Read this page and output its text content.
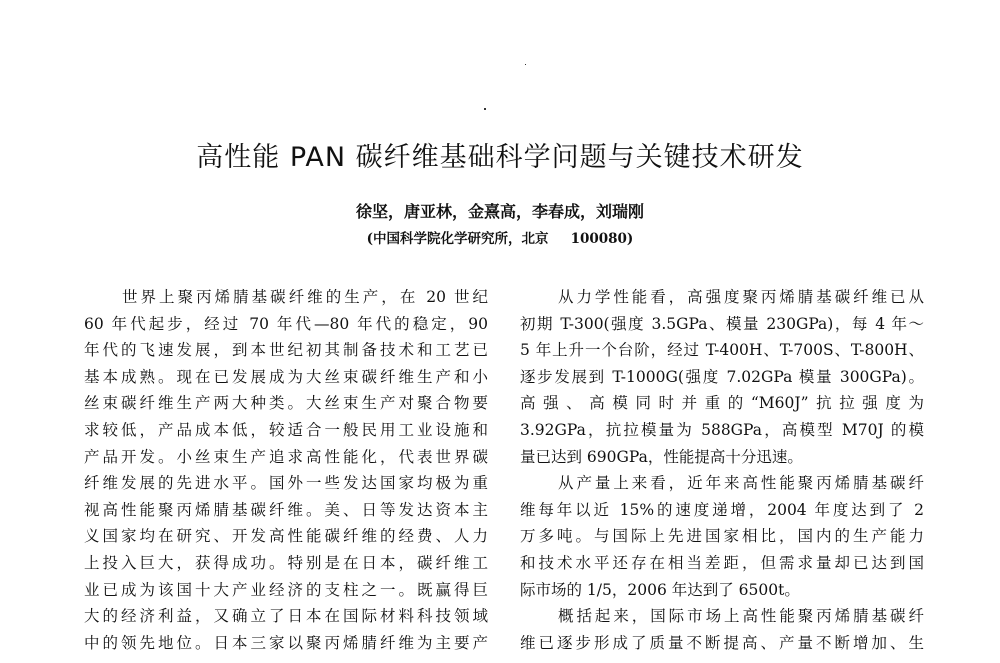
高性能 PAN 碳纤维基础科学问题与关键技术研发
徐坚，唐亚林，金熹高，李春成，刘瑞刚
(中国科学院化学研究所，北京 100080)
世界上聚丙烯腈基碳纤维的生产，在 20 世纪
60 年代起步，经过 70 年代—80 年代的稳定，90
年代的飞速发展，到本世纪初其制备技术和工艺已
基本成熟。现在已发展成为大丝束碳纤维生产和小
丝束碳纤维生产两大种类。大丝束生产对聚合物要
求较低，产品成本低，较适合一般民用工业设施和
产品开发。小丝束生产追求高性能化，代表世界碳
纤维发展的先进水平。国外一些发达国家均极为重
视高性能聚丙烯腈基碳纤维。美、日等发达资本主
义国家均在研究、开发高性能碳纤维的经费、人力
上投入巨大，获得成功。特别是在日本，碳纤维工
业已成为该国十大产业经济的支柱之一。既赢得巨
大的经济利益，又确立了日本在国际材料科技领域
中的领先地位。日本三家以聚丙烯腈纤维为主要产
从力学性能看，高强度聚丙烯腈基碳纤维已从
初期 T-300(强度 3.5GPa、模量 230GPa)，每 4 年～
5 年上升一个台阶，经过 T-400H、T-700S、T-800H、
逐步发展到 T-1000G(强度 7.02GPa 模量 300GPa)。
高强、高模同时并重的“M60J”抗拉强度为
3.92GPa，抗拉模量为 588GPa，高模型 M70J 的模
量已达到 690GPa，性能提高十分迅速。
从产量上来看，近年来高性能聚丙烯腈基碳纤
维每年以近 15%的速度递增，2004 年度达到了 2
万多吨。与国际上先进国家相比，国内的生产能力
和技术水平还存在相当差距，但需求量却已达到国
际市场的 1/5，2006 年达到了 6500t。
概括起来，国际市场上高性能聚丙烯腈基碳纤
维已逐步形成了质量不断提高、产量不断增加、生
